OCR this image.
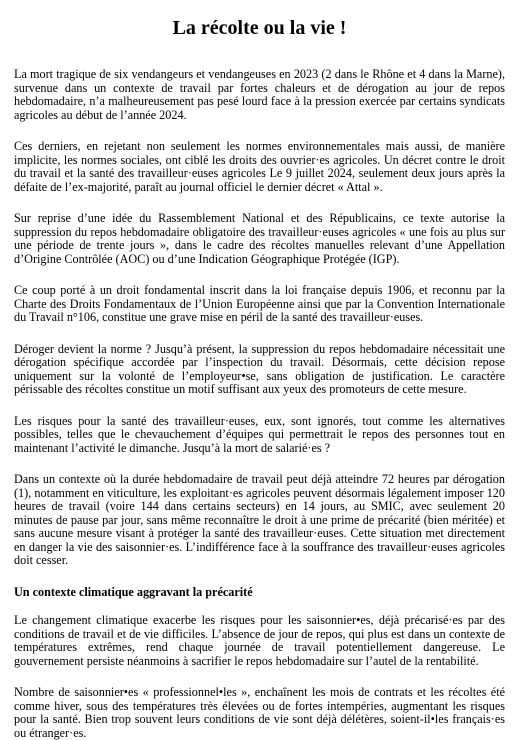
La récolte ou la vie !

La mort tragique de six vendangeurs et vendangeuses en 2023 (2 dans le Rhône et 4 dans la Marne), survenue dans un contexte de travail par fortes chaleurs et de dérogation au jour de repos hebdomadaire, n’a malheureusement pas pesé lourd face à la pression exercée par certains syndicats agricoles au début de l’année 2024.

Ces derniers, en rejetant non seulement les normes environnementales mais aussi, de manière implicite, les normes sociales, ont ciblé les droits des ouvrier·es agricoles. Un décret contre le droit du travail et la santé des travailleur·euses agricoles Le 9 juillet 2024, seulement deux jours après la défaite de l’ex-majorité, paraît au journal officiel le dernier décret « Attal ».

Sur reprise d’une idée du Rassemblement National et des Républicains, ce texte autorise la suppression du repos hebdomadaire obligatoire des travailleur·euses agricoles « une fois au plus sur une période de trente jours », dans le cadre des récoltes manuelles relevant d’une Appellation d’Origine Contrôlée (AOC) ou d’une Indication Géographique Protégée (IGP).

Ce coup porté à un droit fondamental inscrit dans la loi française depuis 1906, et reconnu par la Charte des Droits Fondamentaux de l’Union Européenne ainsi que par la Convention Internationale du Travail n°106, constitue une grave mise en péril de la santé des travailleur·euses.

Déroger devient la norme ? Jusqu’à présent, la suppression du repos hebdomadaire nécessitait une dérogation spécifique accordée par l’inspection du travail. Désormais, cette décision repose uniquement sur la volonté de l’employeur•se, sans obligation de justification. Le caractère périssable des récoltes constitue un motif suffisant aux yeux des promoteurs de cette mesure.

Les risques pour la santé des travailleur·euses, eux, sont ignorés, tout comme les alternatives possibles, telles que le chevauchement d’équipes qui permettrait le repos des personnes tout en maintenant l’activité le dimanche. Jusqu’à la mort de salarié·es ?

Dans un contexte où la durée hebdomadaire de travail peut déjà atteindre 72 heures par dérogation (1), notamment en viticulture, les exploitant·es agricoles peuvent désormais légalement imposer 120 heures de travail (voire 144 dans certains secteurs) en 14 jours, au SMIC, avec seulement 20 minutes de pause par jour, sans même reconnaître le droit à une prime de précarité (bien méritée) et sans aucune mesure visant à protéger la santé des travailleur·euses. Cette situation met directement en danger la vie des saisonnier·es. L’indifférence face à la souffrance des travailleur·euses agricoles doit cesser.

Un contexte climatique aggravant la précarité

Le changement climatique exacerbe les risques pour les saisonnier•es, déjà précarisé·es par des conditions de travail et de vie difficiles. L’absence de jour de repos, qui plus est dans un contexte de températures extrêmes, rend chaque journée de travail potentiellement dangereuse. Le gouvernement persiste néanmoins à sacrifier le repos hebdomadaire sur l’autel de la rentabilité.

Nombre de saisonnier•es « professionnel•les », enchaînent les mois de contrats et les récoltes été comme hiver, sous des températures très élevées ou de fortes intempéries, augmentant les risques pour la santé. Bien trop souvent leurs conditions de vie sont déjà délétères, soient-il•les français·es ou étranger·es.
